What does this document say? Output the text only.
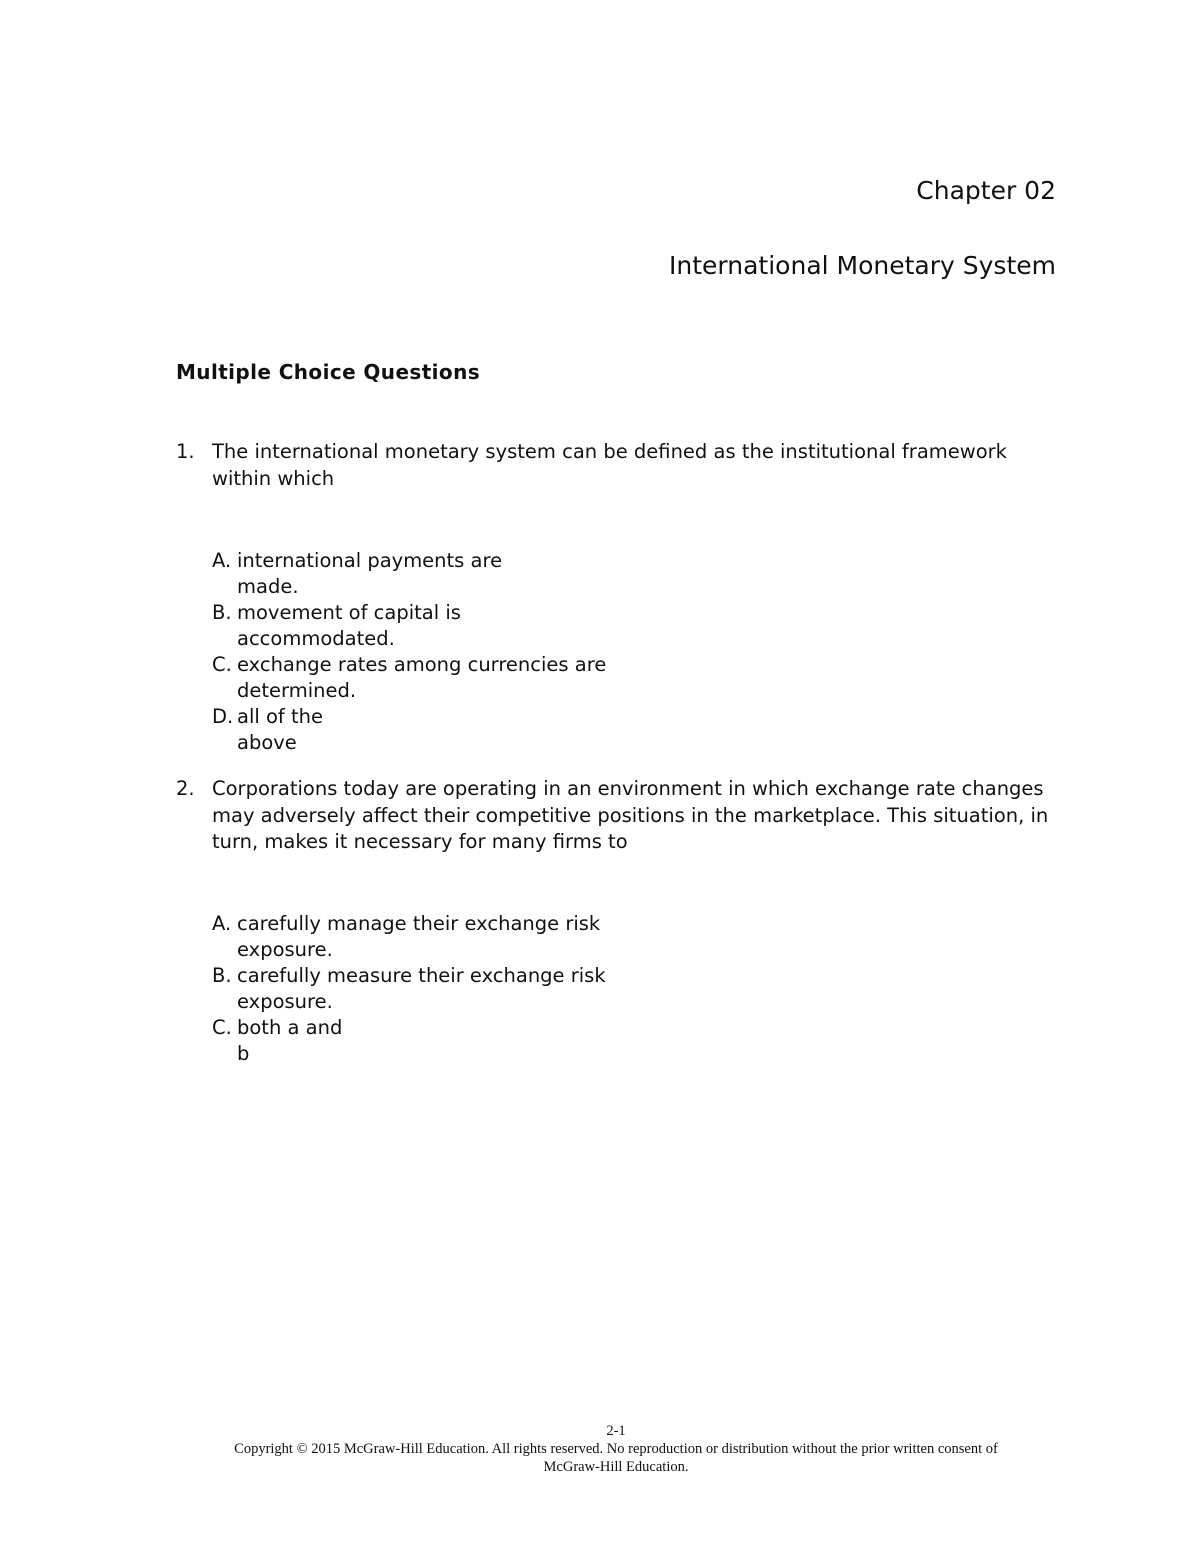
Chapter 02
International Monetary System
Multiple Choice Questions
1. The international monetary system can be defined as the institutional framework within which
A. international payments are
made.
B. movement of capital is
accommodated.
C. exchange rates among currencies are
determined.
D. all of the
above
2. Corporations today are operating in an environment in which exchange rate changes may adversely affect their competitive positions in the marketplace. This situation, in turn, makes it necessary for many firms to
A. carefully manage their exchange risk
exposure.
B. carefully measure their exchange risk
exposure.
C. both a and
b
2-1
Copyright © 2015 McGraw-Hill Education. All rights reserved. No reproduction or distribution without the prior written consent of
McGraw-Hill Education.
